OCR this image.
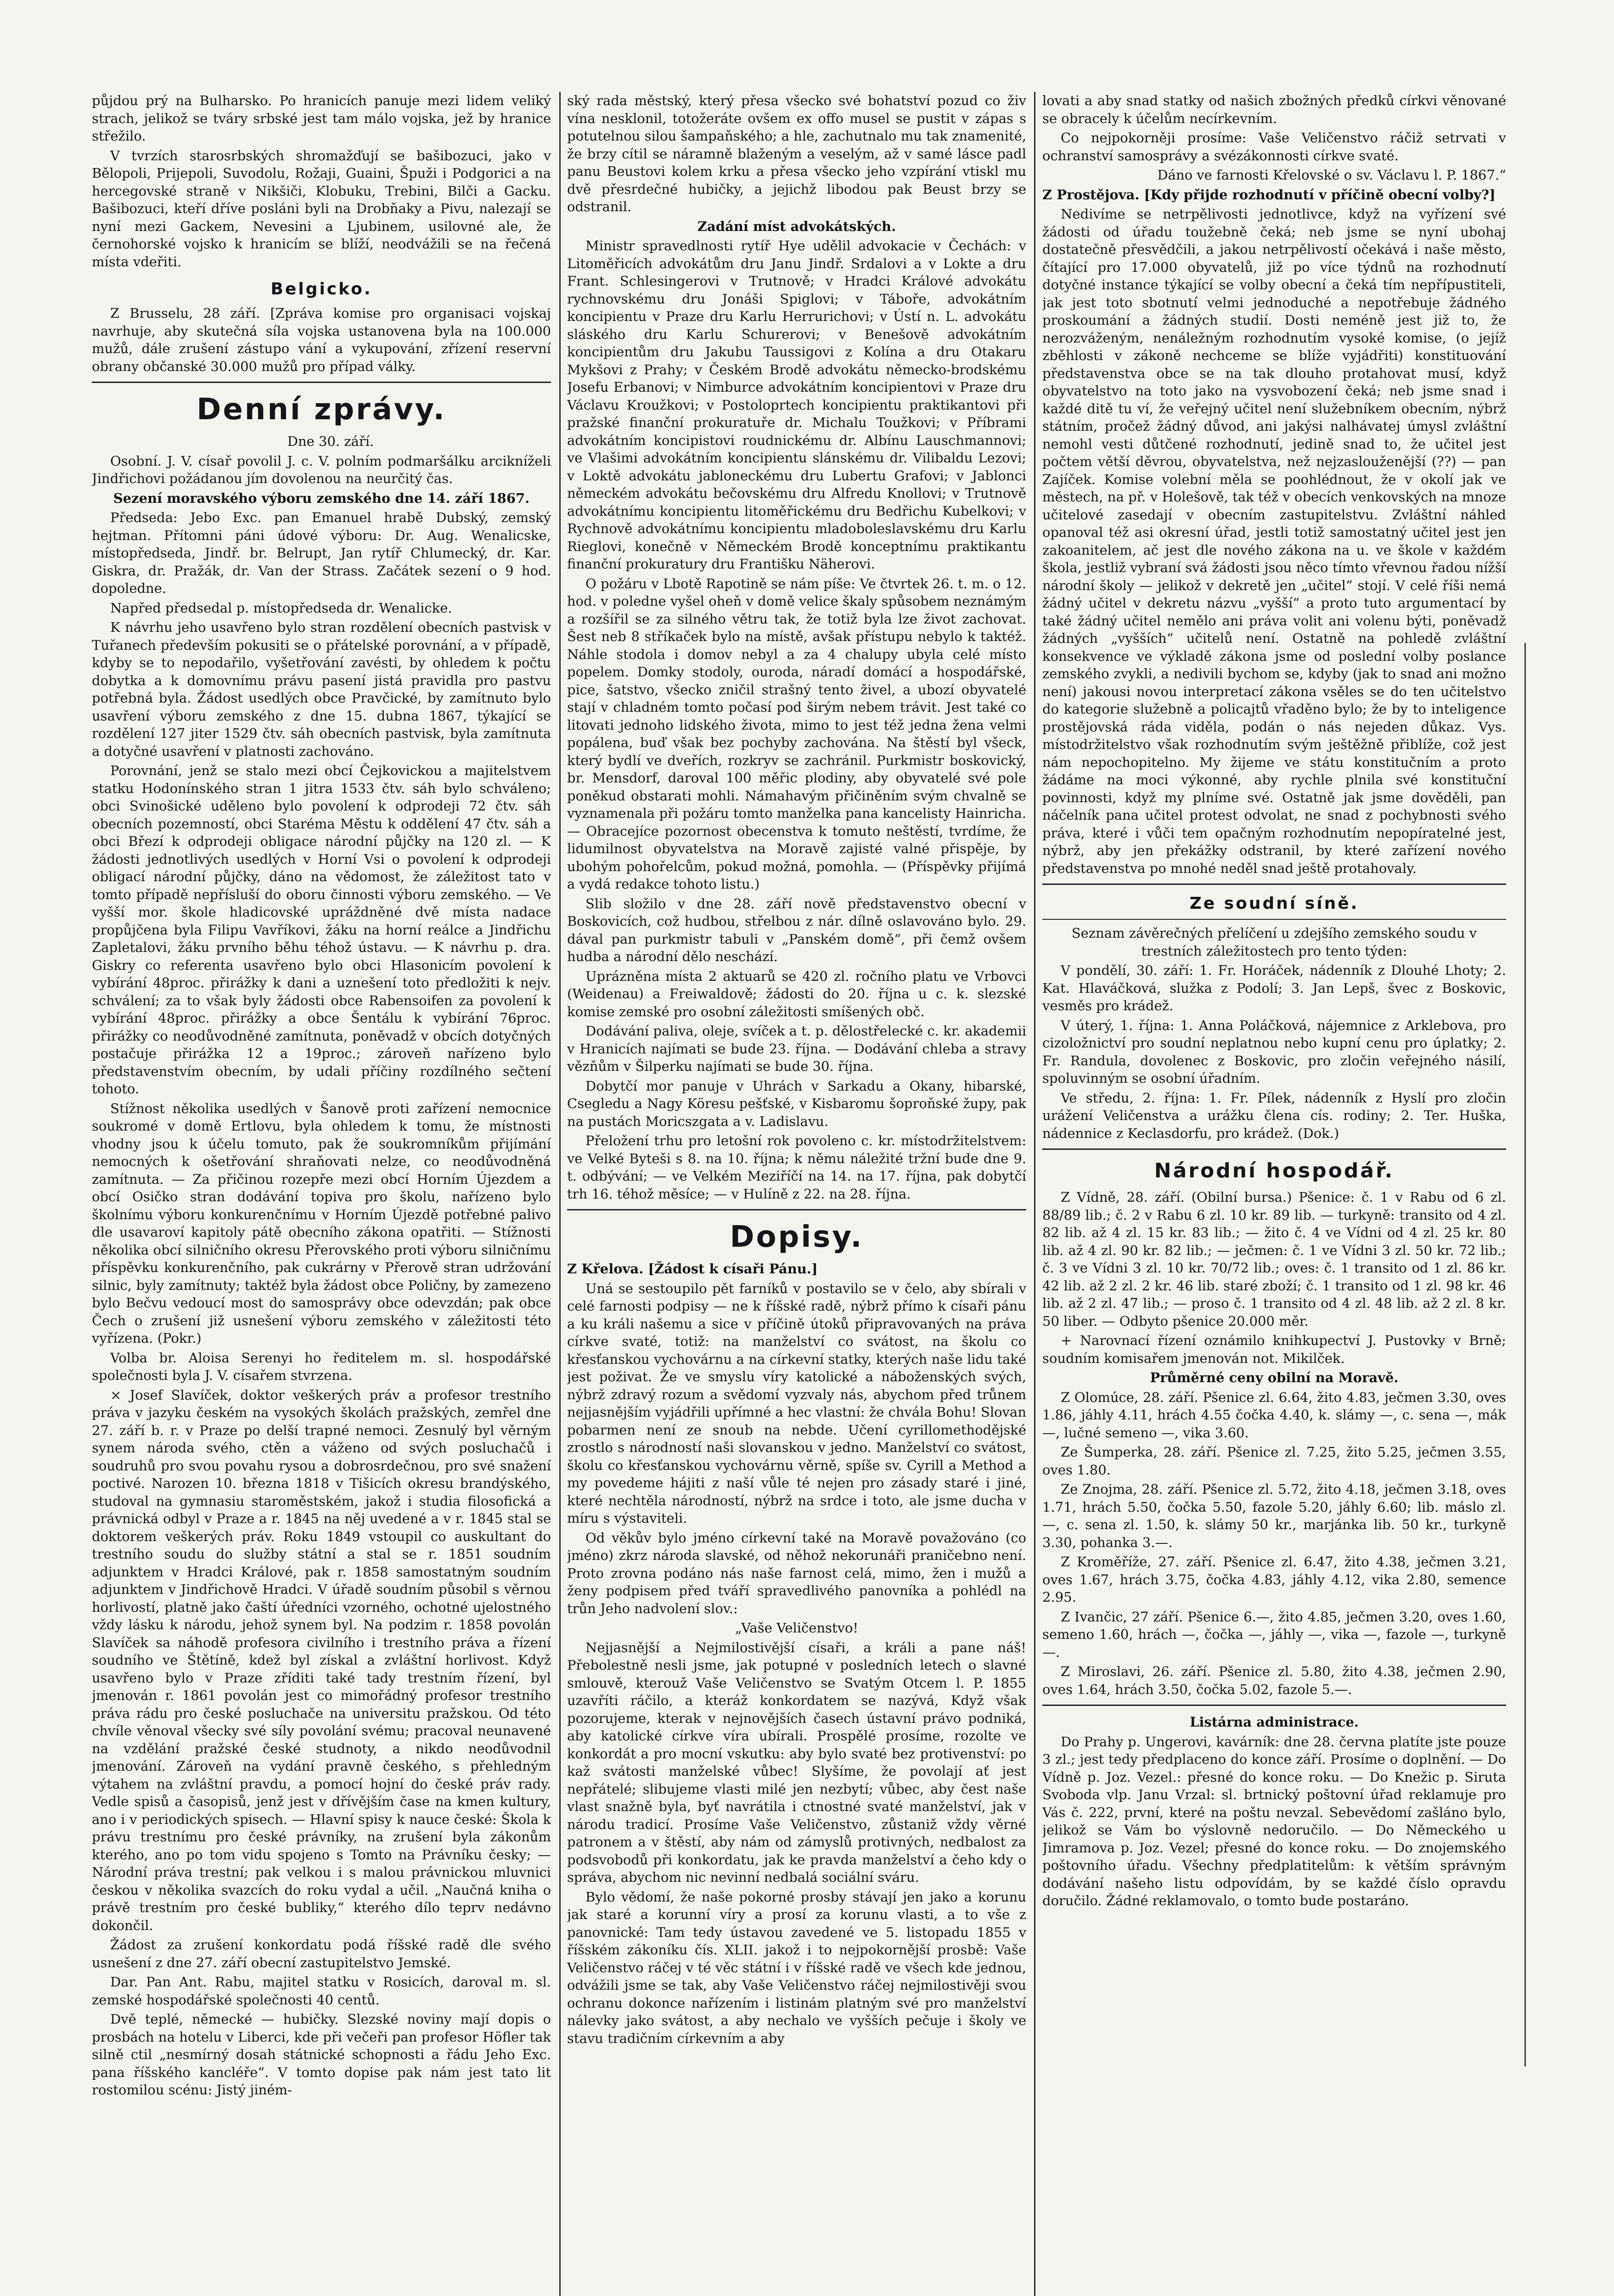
půjdou prý na Bulharsko. Po hranicích panuje mezi lidem veliký strach, jelikož se tváry srbské jest tam málo vojska, jež by hranice střežilo.

V tvrzích starosrbských shromažďují se bašibozuci, jako v Bělopoli, Prijepoli, Suvodolu, Rožaji, Guaini, Špuži i Podgorici a na hercegovské straně v Nikšiči, Klobuku, Trebini, Bilči a Gacku. Bašibozuci, kteří dříve posláni byli na Drobňaky a Pivu, nalezají se nyní mezi Gackem, Nevesini a Ljubinem, usilovné ale, že černohorské vojsko k hranicím se blíží, neodvážili se na řečená místa vdeřiti.

Belgicko.

Z Brusselu, 28 září. [Zpráva komise pro organisaci vojskaj navrhuje, aby skutečná síla vojska ustanovena byla na 100.000 mužů, dále zrušení zástupo vání a vykupování, zřízení reservní obrany občanské 30.000 mužů pro případ války.

Denní zprávy.

Dne 30. září.

Osobní. J. V. císař povolil J. c. V. polním podmaršálku arcikníželi Jindřichovi požádanou jím dovolenou na neurčitý čas.

Sezení moravského výboru zemského dne 14. září 1867.

Předseda: Jebo Exc. pan Emanuel hrabě Dubský, zemský hejtman. Přítomni páni údové výboru: Dr. Aug. Wenalicske, místopředseda, Jindř. br. Belrupt, Jan rytíř Chlumecký, dr. Kar. Giskra, dr. Pražák, dr. Van der Strass. Začátek sezení o 9 hod. dopoledne.

Napřed předsedal p. místopředseda dr. Wenalicke.

K návrhu jeho usavřeno bylo stran rozdělení obecních pastvisk v Tuřanech především pokusiti se o přátelské porovnání, a v případě, kdyby se to nepodařilo, vyšetřování zavésti, by ohledem k počtu dobytka a k domovnímu právu pasení jistá pravidla pro pastvu potřebná byla. Žádost usedlých obce Pravčické, by zamítnuto bylo usavření výboru zemského z dne 15. dubna 1867, týkající se rozdělení 127 jiter 1529 čtv. sáh obecních pastvisk, byla zamítnuta a dotyčné usavření v platnosti zachováno.

Porovnání, jenž se stalo mezi obcí Čejkovickou a majitelstvem statku Hodonínského stran 1 jitra 1533 čtv. sáh bylo schváleno; obci Svinošické uděleno bylo povolení k odprodeji 72 čtv. sáh obecních pozemností, obci Staréma Městu k oddělení 47 čtv. sáh a obci Březí k odprodeji obligace národní půjčky na 120 zl. — K žádosti jednotlivých usedlých v Horní Vsi o povolení k odprodeji obligací národní půjčky, dáno na vědomost, že záležitost tato v tomto případě nepřísluší do oboru činnosti výboru zemského. — Ve vyšší mor. škole hladicovské upráždněné dvě místa nadace propůjčena byla Filipu Vavříkovi, žáku na horní reálce a Jindřichu Zapletalovi, žáku prvního běhu téhož ústavu. — K návrhu p. dra. Giskry co referenta usavřeno bylo obci Hlasonicím povolení k vybírání 48proc. přirážky k dani a uznešení toto předložiti k nejv. schválení; za to však byly žádosti obce Rabensoifen za povolení k vybírání 48proc. přirážky a obce Šentálu k vybírání 76proc. přirážky co neodůvodněné zamítnuta, poněvadž v obcích dotyčných postačuje přirážka 12 a 19proc.; zároveň nařízeno bylo představenstvím obecním, by udali příčiny rozdílného sečtení tohoto.

Stížnost několika usedlých v Šanově proti zařízení nemocnice soukromé v domě Ertlovu, byla ohledem k tomu, že místnosti vhodny jsou k účelu tomuto, pak že soukromníkům přijímání nemocných k ošetřování shraňovati nelze, co neodůvodněná zamítnuta. — Za přičinou rozepře mezi obcí Horním Újezdem a obcí Osičko stran dodávání topiva pro školu, nařízeno bylo školnímu výboru konkurenčnímu v Horním Újezdě potřebné palivo dle usavaroví kapitoly pátě obecního zákona opatřiti. — Stížnosti několika obcí silničního okresu Přerovského proti výboru silničnímu příspěvku konkurenčního, pak cukrárny v Přerově stran udržování silnic, byly zamítnuty; taktéž byla žádost obce Poličny, by zamezeno bylo Bečvu vedoucí most do samosprávy obce odevzdán; pak obce Čech o zrušení již usnešení výboru zemského v záležitosti této vyřízena. (Pokr.)

Volba br. Aloisa Serenyi ho ředitelem m. sl. hospodářské společnosti byla J. V. císařem stvrzena.

× Josef Slavíček, doktor veškerých práv a profesor trestního práva v jazyku českém na vysokých školách pražských, zemřel dne 27. září b. r. v Praze po delší trapné nemoci. Zesnulý byl věrným synem národa svého, ctěn a váženo od svých posluchačů i soudruhů pro svou povahu rysou a dobrosrdečnou, pro své snažení poctivé. Narozen 10. března 1818 v Tišicích okresu brandýského, studoval na gymnasiu staroměstském, jakož i studia filosofická a právnická odbyl v Praze a r. 1845 na něj uvedené a v r. 1845 stal se doktorem veškerých práv. Roku 1849 vstoupil co auskultant do trestního soudu do služby státní a stal se r. 1851 soudním adjunktem v Hradci Králové, pak r. 1858 samostatným soudním adjunktem v Jindřichově Hradci. V úřadě soudním působil s věrnou horlivostí, platně jako čaští úředníci vzorného, ochotné ujelostného vždy lásku k národu, jehož synem byl. Na podzim r. 1858 povolán Slavíček sa náhodě profesora civilního i trestního práva a řízení soudního ve Štětíně, kdež byl získal a zvláštní horlivost. Když usavřeno bylo v Praze zříditi také tady trestním řízení, byl jmenován r. 1861 povolán jest co mimořádný profesor trestního práva rádu pro české posluchače na universitu pražskou. Od této chvíle věnoval všecky své síly povolání svému; pracoval neunavené na vzdělání pražské české studnoty, a nikdo neodůvodnil jmenování. Zároveň na vydání pravně českého, s přehledným výtahem na zvláštní pravdu, a pomocí hojní do české práv rady. Vedle spisů a časopisů, jenž jest v dřívějším čase na kmen kultury, ano i v periodických spisech. — Hlavní spisy k nauce české: Škola k právu trestnímu pro české právníky, na zrušení byla zákonům kterého, ano po tom vidu spojeno s Tomto na Právníku česky; — Národní práva trestní; pak velkou i s malou právnickou mluvnici českou v několika svazcích do roku vydal a učil. „Naučná kniha o právě trestním pro české bubliky,“ kterého dílo teprv nedávno dokončil.

Žádost za zrušení konkordatu podá říšské radě dle svého usnešení z dne 27. září obecní zastupitelstvo Jemské.

Dar. Pan Ant. Rabu, majitel statku v Rosicích, daroval m. sl. zemské hospodářské společnosti 40 centů.

Dvě teplé, německé — hubičky. Slezské noviny mají dopis o prosbách na hotelu v Liberci, kde při večeři pan profesor Höfler tak silně ctil „nesmírný dosah státnické schopnosti a řádu Jeho Exc. pana říšského kancléře“. V tomto dopise pak nám jest tato lit rostomilou scénu: Jistý jiném-

ský rada městský, který přesa všecko své bohatství pozud co živ vína nesklonil, totožeráte ovšem ex offo musel se pustit v zápas s potutelnou silou šampaňského; a hle, zachutnalo mu tak znamenité, že brzy cítil se náramně blaženým a veselým, až v samé lásce padl panu Beustovi kolem krku a přesa všecko jeho vzpírání vtiskl mu dvě přesrdečné hubičky, a jejichž libodou pak Beust brzy se odstranil.

Zadání míst advokátských.

Ministr spravedlnosti rytíř Hye udělil advokacie v Čechách: v Litoměřicích advokátům dru Janu Jindř. Srdalovi a v Lokte a dru Frant. Schlesingerovi v Trutnově; v Hradci Králové advokátu rychnovskému dru Jonáši Spiglovi; v Táboře, advokátním koncipientu v Praze dru Karlu Herrurichovi; v Ústí n. L. advokátu sláského dru Karlu Schurerovi; v Benešově advokátním koncipientům dru Jakubu Taussigovi z Kolína a dru Otakaru Mykšovi z Prahy; v Českém Brodě advokátu německo-brodskému Josefu Erbanovi; v Nimburce advokátním koncipientovi v Praze dru Václavu Kroužkovi; v Postoloprtech koncipientu praktikantovi při pražské finanční prokuratuře dr. Michalu Toužkovi; v Příbrami advokátním koncipistovi roudnickému dr. Albínu Lauschmannovi; ve Vlašimi advokátním koncipientu slánskému dr. Vilibaldu Lezovi; v Loktě advokátu jabloneckému dru Lubertu Grafovi; v Jablonci německém advokátu bečovskému dru Alfredu Knollovi; v Trutnově advokátnímu koncipientu litoměřickému dru Bedřichu Kubelkovi; v Rychnově advokátnímu koncipientu mladoboleslavskému dru Karlu Rieglovi, konečně v Německém Brodě konceptnímu praktikantu finanční prokuratury dru Františku Näherovi.

O požáru v Lbotě Rapotině se nám píše: Ve čtvrtek 26. t. m. o 12. hod. v poledne vyšel oheň v domě velice škaly spůsobem neznámým a rozšířil se za silného větru tak, že totiž byla lze život zachovat. Šest neb 8 stříkaček bylo na místě, avšak přístupu nebylo k taktéž. Náhle stodola i domov nebyl a za 4 chalupy ubyla celé místo popelem. Domky stodoly, ouroda, náradí domácí a hospodářské, pice, šatstvo, všecko zničil strašný tento živel, a ubozí obyvatelé stají v chladném tomto počasí pod širým nebem trávit. Jest také co litovati jednoho lidského života, mimo to jest též jedna žena velmi popálena, buď však bez pochyby zachována. Na štěstí byl všeck, který bydlí ve dveřích, rozkryv se zachránil. Purkmistr boskovický, br. Mensdorf, daroval 100 měřic plodiny, aby obyvatelé své pole poněkud obstarati mohli. Námahavým přičiněním svým chvalně se vyznamenala při požáru tomto manželka pana kancelisty Hainricha. — Obracejíce pozornost obecenstva k tomuto neštěstí, tvrdíme, že lidumilnost obyvatelstva na Moravě zajisté valné přispěje, by ubohým pohořelcům, pokud možná, pomohla. — (Příspěvky přijímá a vydá redakce tohoto listu.)

Slib složilo v dne 28. září nově představenstvo obecní v Boskovicích, což hudbou, střelbou z nár. dílně oslavováno bylo. 29. dával pan purkmistr tabuli v „Panském domě“, při čemž ovšem hudba a národní dělo neschází.

Uprázněna místa 2 aktuarů se 420 zl. ročního platu ve Vrbovci (Weidenau) a Freiwaldově; žádosti do 20. října u c. k. slezské komise zemské pro osobní záležitosti smíšených obč.

Dodávání paliva, oleje, svíček a t. p. dělostřelecké c. kr. akademii v Hranicích najímati se bude 23. října. — Dodávání chleba a stravy vězňům v Šilperku najímati se bude 30. října.

Dobytčí mor panuje v Uhrách v Sarkadu a Okany, hibarské, Csegledu a Nagy Köresu pešťské, v Kisbaromu šoproňské župy, pak na pustách Moricszgata a v. Ladislavu.

Přeložení trhu pro letošní rok povoleno c. kr. místodržitelstvem: ve Velké Byteši s 8. na 10. října; k němu náležité tržní bude dne 9. t. odbývání; — ve Velkém Meziříčí na 14. na 17. října, pak dobytčí trh 16. téhož měsíce; — v Hulíně z 22. na 28. října.

Dopisy.

Z Křelova. [Žádost k císaři Pánu.]

Uná se sestoupilo pět farníků v postavilo se v čelo, aby sbírali v celé farnosti podpisy — ne k říšské radě, nýbrž přímo k císaři pánu a ku králi našemu a sice v příčině útoků připravovaných na práva církve svaté, totiž: na manželství co svátost, na školu co křesťanskou vychovárnu a na církevní statky, kterých naše lidu také jest poživat. Že ve smyslu víry katolické a náboženských svých, nýbrž zdravý rozum a svědomí vyzvaly nás, abychom před trůnem nejjasnějším vyjádřili upřímné a hec vlastní: že chvála Bohu! Slovan pobarmen není ze snoub na nebde. Učení cyrillomethodějské zrostlo s národností naši slovanskou v jedno. Manželství co svátost, školu co křesťanskou vychovárnu věrně, spíše sv. Cyrill a Method a my povedeme hájiti z naší vůle té nejen pro zásady staré i jiné, které nechtěla národností, nýbrž na srdce i toto, ale jsme ducha v míru s výstaviteli.

Od věkův bylo jméno církevní také na Moravě považováno (co jméno) zkrz národa slavské, od něhož nekorunáři praničebno není. Proto zrovna podáno nás naše farnost celá, mimo, žen i mužů a ženy podpisem před tváří spravedlivého panovníka a pohlédl na trůn Jeho nadvolení slov.:

„Vaše Veličenstvo!

Nejjasnější a Nejmilostivější císaři, a králi a pane náš! Přebolestně nesli jsme, jak potupné v posledních letech o slavné smlouvě, kterouž Vaše Veličenstvo se Svatým Otcem l. P. 1855 uzavříti ráčilo, a kteráž konkordatem se nazývá, Když však pozorujeme, kterak v nejnovějších časech ústavní právo podniká, aby katolické církve víra ubírali. Prospělé prosíme, rozolte ve konkordát a pro mocní vskutku: aby bylo svaté bez protivenství: po kaž svátosti manželské vůbec! Slyšíme, že povolají ať jest nepřátelé; slibujeme vlasti milé jen nezbytí; vůbec, aby čest naše vlast snažně byla, byť navrátila i ctnostné svaté manželství, jak v národu tradicí. Prosíme Vaše Veličenstvo, zůstaniž vždy věrné patronem a v štěstí, aby nám od zámyslů protivných, nedbalost za podsvobodů při konkordatu, jak ke pravda manželství a čeho kdy o správa, abychom nic nevinní nedbalá sociální sváru.

Bylo vědomí, že naše pokorné prosby stávají jen jako a korunu jak staré a korunní víry a prosí za korunu vlasti, a to vše z panovnické: Tam tedy ústavou zavedené ve 5. listopadu 1855 v říšském zákoníku čís. XLII. jakož i to nejpokornější prosbě: Vaše Veličenstvo ráčej v té věc státní i v říšské radě ve všech kde jednou, odvážili jsme se tak, aby Vaše Veličenstvo ráčej nejmilostivěji svou ochranu dokonce nařízením i listinám platným své pro manželství nálevky jako svátost, a aby nechalo ve vyšších pečuje i školy ve stavu tradičním církevním a aby

lovati a aby snad statky od našich zbožných předků církvi věnované se obracely k účelům necírkevním.

Co nejpokorněji prosíme: Vaše Veličenstvo ráčiž setrvati v ochranství samosprávy a svézákonnosti církve svaté.

Dáno ve farnosti Křelovské o sv. Václavu l. P. 1867.“

Z Prostějova. [Kdy přijde rozhodnutí v příčině obecní volby?]

Nedivíme se netrpělivosti jednotlivce, když na vyřízení své žádosti od úřadu toužebně čeká; neb jsme se nyní ubohaj dostatečně přesvědčili, a jakou netrpělivostí očekává i naše město, čítající pro 17.000 obyvatelů, již po více týdnů na rozhodnutí dotyčné instance týkající se volby obecní a čeká tím nepřípustiteli, jak jest toto sbotnutí velmi jednoduché a nepotřebuje žádného proskoumání a žádných studií. Dosti neméně jest již to, že nerozváženým, nenáležným rozhodnutím vysoké komise, (o jejíž zběhlosti v zákoně nechceme se blíže vyjádřiti) konstituování představenstva obce se na tak dlouho protahovat musí, když obyvatelstvo na toto jako na vysvobození čeká; neb jsme snad i každé ditě tu ví, že veřejný učitel není služebníkem obecním, nýbrž státním, pročež žádný důvod, ani jakýsi nalhávatej úmysl zvláštní nemohl vesti důtčené rozhodnutí, jedině snad to, že učitel jest počtem větší děvrou, obyvatelstva, než nejzaslouženější (??) — pan Zajíček. Komise volební měla se poohlédnout, že v okolí jak ve městech, na př. v Holešově, tak též v obecích venkovských na mnoze učitelové zasedají v obecním zastupitelstvu. Zvláštní náhled opanoval též asi okresní úřad, jestli totiž samostatný učitel jest jen zakoanitelem, ač jest dle nového zákona na u. ve škole v každém škola, jestliž vybraní svá žádosti jsou něco tímto vřevnou řadou nížší národní školy — jelikož v dekretě jen „učitel“ stojí. V celé říši nemá žádný učitel v dekretu názvu „vyšší“ a proto tuto argumentací by také žádný učitel nemělo ani práva volit ani volenu býti, poněvadž žádných „vyšších“ učitelů není. Ostatně na pohledě zvláštní konsekvence ve výkladě zákona jsme od poslední volby poslance zemského zvykli, a nedivili bychom se, kdyby (jak to snad ani možno není) jakousi novou interpretací zákona vsěles se do ten učitelstvo do kategorie služebně a policajtů vřaděno bylo; že by to inteligence prostějovská ráda viděla, podán o nás nejeden důkaz. Vys. místodržitelstvo však rozhodnutím svým ještěžně přiblíže, což jest nám nepochopitelno. My žijeme ve státu konstitučním a proto žádáme na moci výkonné, aby rychle plnila své konstituční povinnosti, když my plníme své. Ostatně jak jsme dověděli, pan náčelník pana učitel protest odvolat, ne snad z pochybnosti svého práva, které i vůči tem opačným rozhodnutím nepopíratelné jest, nýbrž, aby jen překážky odstranil, by které zařízení nového představenstva po mnohé neděl snad ještě protahovaly.

Ze soudní síně.

Seznam závěrečných přelíčení u zdejšího zemského soudu v trestních záležitostech pro tento týden:

V pondělí, 30. září: 1. Fr. Horáček, nádenník z Dlouhé Lhoty; 2. Kat. Hlaváčková, služka z Podolí; 3. Jan Lepš, švec z Boskovic, vesměs pro krádež.

V úterý, 1. října: 1. Anna Poláčková, nájemnice z Arklebova, pro cizoložnictví pro soudní neplatnou nebo kupní cenu pro úplatky; 2. Fr. Randula, dovolenec z Boskovic, pro zločin veřejného násilí, spoluvinným se osobní úřadním.

Ve středu, 2. října: 1. Fr. Pílek, nádenník z Hyslí pro zločin urážení Veličenstva a urážku člena cís. rodiny; 2. Ter. Huška, nádennice z Keclasdorfu, pro krádež. (Dok.)

Národní hospodář.

Z Vídně, 28. září. (Obilní bursa.) Pšenice: č. 1 v Rabu od 6 zl. 88/89 lib.; č. 2 v Rabu 6 zl. 10 kr. 89 lib. — turkyně: transito od 4 zl. 82 lib. až 4 zl. 15 kr. 83 lib.; — žito č. 4 ve Vídni od 4 zl. 25 kr. 80 lib. až 4 zl. 90 kr. 82 lib.; — ječmen: č. 1 ve Vídni 3 zl. 50 kr. 72 lib.; č. 3 ve Vídni 3 zl. 10 kr. 70/72 lib.; oves: č. 1 transito od 1 zl. 86 kr. 42 lib. až 2 zl. 2 kr. 46 lib. staré zboží; č. 1 transito od 1 zl. 98 kr. 46 lib. až 2 zl. 47 lib.; — proso č. 1 transito od 4 zl. 48 lib. až 2 zl. 8 kr. 50 liber. — Odbyto pšenice 20.000 měr.

+ Narovnací řízení oznámilo knihkupectví J. Pustovky v Brně; soudním komisařem jmenován not. Mikilček.

Průměrné ceny obilní na Moravě.

Z Olomúce, 28. září. Pšenice zl. 6.64, žito 4.83, ječmen 3.30, oves 1.86, jáhly 4.11, hrách 4.55 čočka 4.40, k. slámy —, c. sena —, mák —, lučné semeno —, vika 3.60.

Ze Šumperka, 28. září. Pšenice zl. 7.25, žito 5.25, ječmen 3.55, oves 1.80.

Ze Znojma, 28. září. Pšenice zl. 5.72, žito 4.18, ječmen 3.18, oves 1.71, hrách 5.50, čočka 5.50, fazole 5.20, jáhly 6.60; lib. máslo zl. —, c. sena zl. 1.50, k. slámy 50 kr., marjánka lib. 50 kr., turkyně 3.30, pohanka 3.—.

Z Kroměříže, 27. září. Pšenice zl. 6.47, žito 4.38, ječmen 3.21, oves 1.67, hrách 3.75, čočka 4.83, jáhly 4.12, vika 2.80, semence 2.95.

Z Ivančic, 27 září. Pšenice 6.—, žito 4.85, ječmen 3.20, oves 1.60, semeno 1.60, hrách —, čočka —, jáhly —, vika —, fazole —, turkyně —.

Z Miroslavi, 26. září. Pšenice zl. 5.80, žito 4.38, ječmen 2.90, oves 1.64, hrách 3.50, čočka 5.02, fazole 5.—.

Listárna administrace.

Do Prahy p. Ungerovi, kavárník: dne 28. června platíte jste pouze 3 zl.; jest tedy předplaceno do konce září. Prosíme o doplnění. — Do Vídně p. Joz. Vezel.: přesné do konce roku. — Do Knežic p. Siruta Svoboda vlp. Janu Vrzal: sl. brtnický poštovní úřad reklamuje pro Vás č. 222, první, které na poštu nevzal. Sebevědomí zašláno bylo, jelikož se Vám bo výslovně nedoručilo. — Do Německého u Jimramova p. Joz. Vezel; přesné do konce roku. — Do znojemského poštovního úřadu. Všechny předplatitelům: k větším správným dodávání našeho listu odpovídám, by se každé číslo opravdu doručilo. Žádné reklamovalo, o tomto bude postaráno.
